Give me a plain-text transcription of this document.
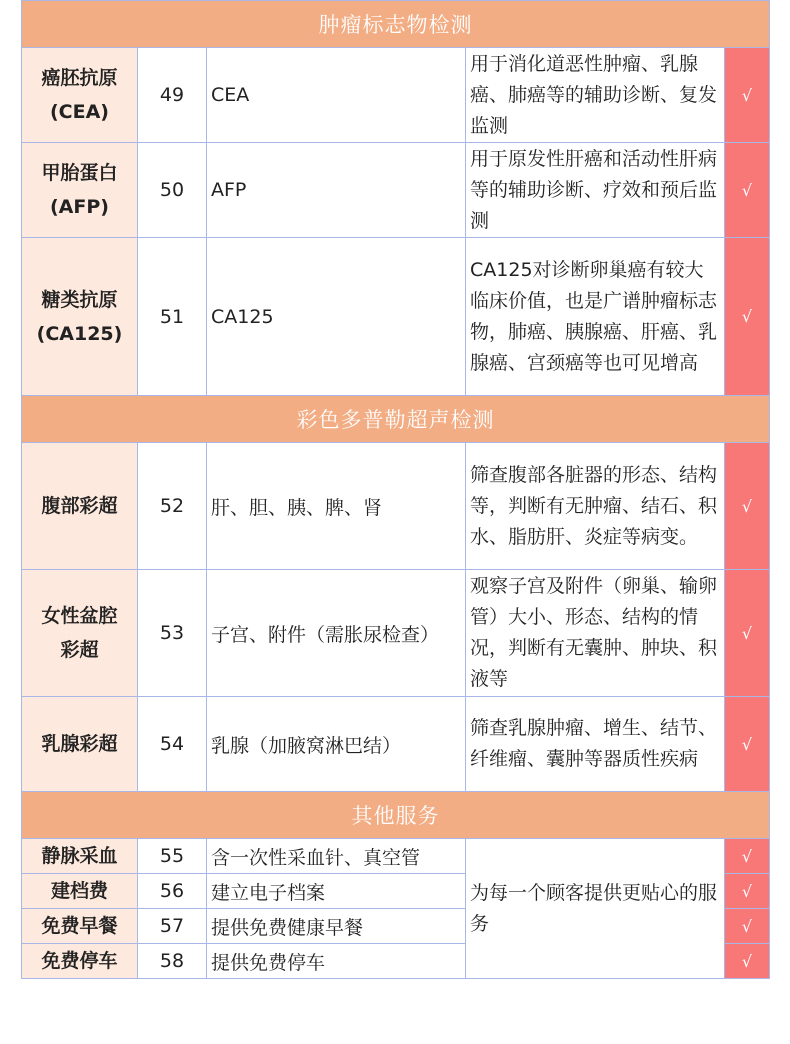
肿瘤标志物检测				

癌胚抗原
(CEA)	49	CEA	用于消化道恶性肿瘤、乳腺癌、肺癌等的辅助诊断、复发监测	√

甲胎蛋白
(AFP)	50	AFP	用于原发性肝癌和活动性肝病等的辅助诊断、疗效和预后监测	√

糖类抗原
(CA125)	51	CA125	CA125对诊断卵巢癌有较大临床价值，也是广谱肿瘤标志物，肺癌、胰腺癌、肝癌、乳腺癌、宫颈癌等也可见增高	√
彩色多普勒超声检测				

腹部彩超	52	肝、胆、胰、脾、肾	筛查腹部各脏器的形态、结构等，判断有无肿瘤、结石、积水、脂肪肝、炎症等病变。	√

女性盆腔
彩超	53	子宫、附件（需胀尿检查）	观察子宫及附件（卵巢、输卵管）大小、形态、结构的情况，判断有无囊肿、肿块、积液等	√

乳腺彩超	54	乳腺（加腋窝淋巴结）	筛查乳腺肿瘤、增生、结节、纤维瘤、囊肿等器质性疾病	√
其他服务				
静脉采血	55	含一次性采血针、真空管	为每一个顾客提供更贴心的服务	√
建档费	56	建立电子档案		√
免费早餐	57	提供免费健康早餐		√
免费停车	58	提供免费停车		√
